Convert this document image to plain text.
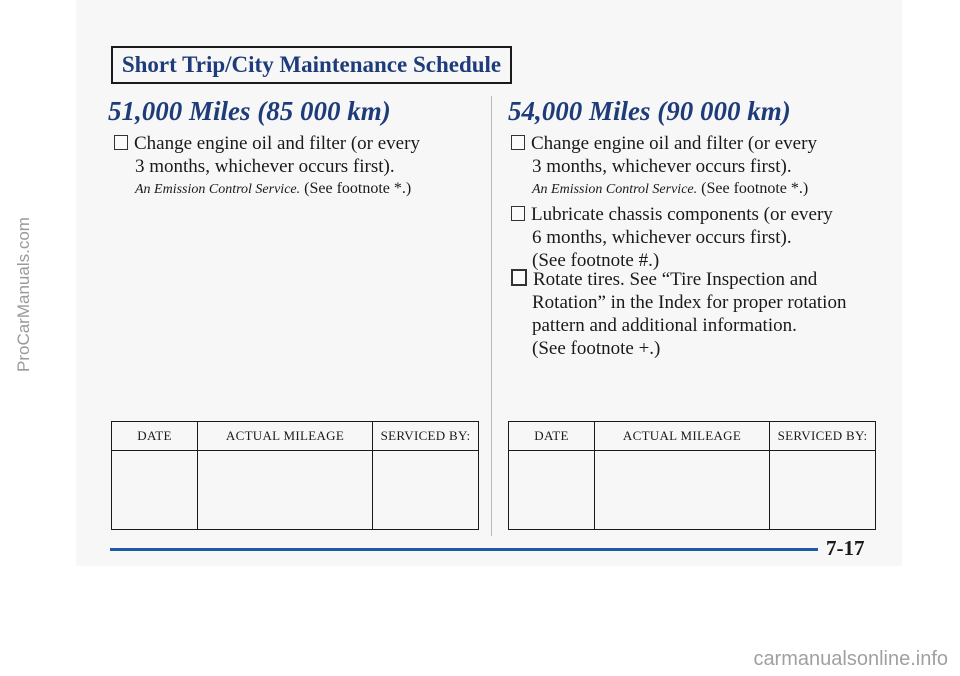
ProCarManuals.com
carmanualsonline.info
Short Trip/City Maintenance Schedule
51,000 Miles (85 000 km)
Change engine oil and filter (or every
3 months, whichever occurs first).
An Emission Control Service. (See footnote *.)
DATE	ACTUAL MILEAGE	SERVICED BY:

54,000 Miles (90 000 km)
Change engine oil and filter (or every
3 months, whichever occurs first).
An Emission Control Service. (See footnote *.)
Lubricate chassis components (or every
6 months, whichever occurs first).
(See footnote #.)
Rotate tires. See “Tire Inspection and
Rotation” in the Index for proper rotation
pattern and additional information.
(See footnote +.)
DATE	ACTUAL MILEAGE	SERVICED BY:

7-17
